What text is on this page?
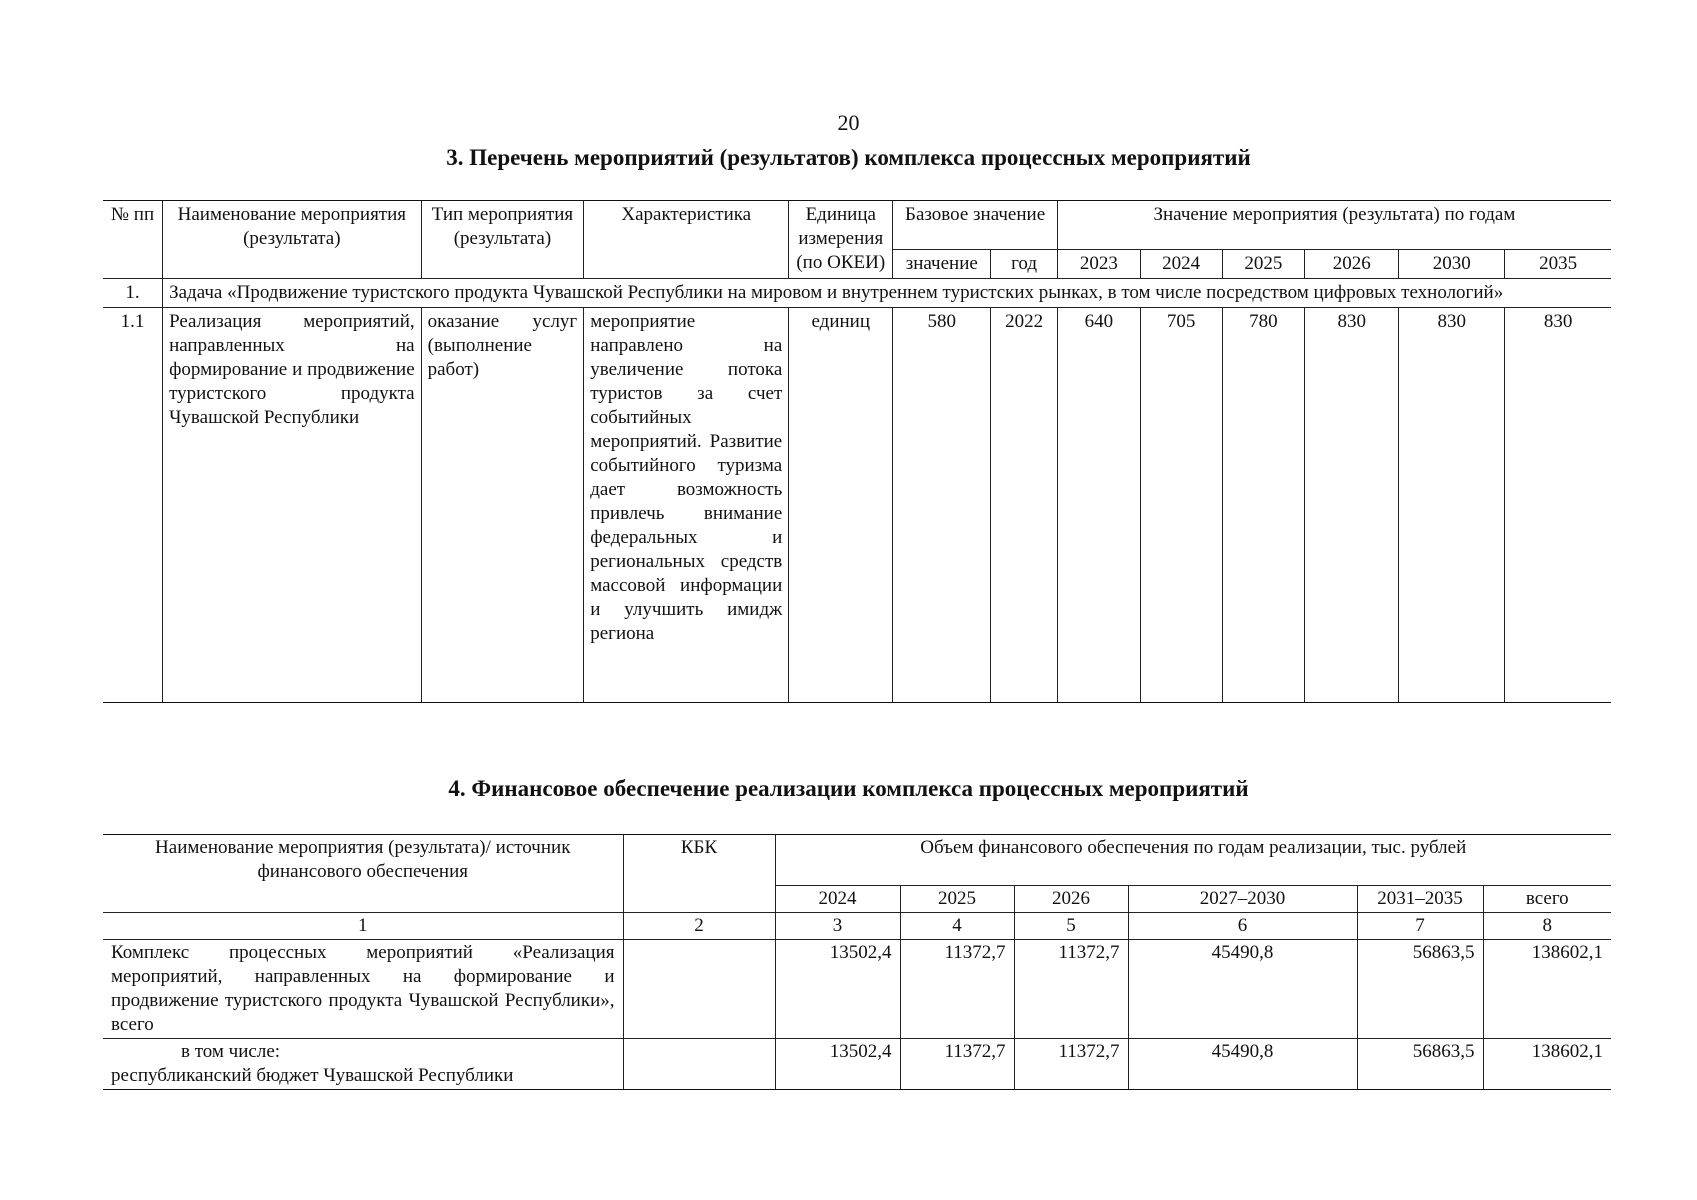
20
3. Перечень мероприятий (результатов) комплекса процессных мероприятий
№ пп	Наименование мероприятия (результата)	Тип мероприятия (результата)	Характеристика	Единица измерения (по ОКЕИ)	Базовое значение		Значение мероприятия (результата) по годам					
					значение	год	2023	2024	2025	2026	2030	2035
1.	Задача «Продвижение туристского продукта Чувашской Республики на мировом и внутреннем туристских рынках, в том числе посредством цифровых технологий»											
1.1	Реализация мероприятий, направленных на формирование и продвижение туристского продукта Чувашской Республики	оказание услуг (выполнение работ)	мероприятие направлено на увеличение потока туристов за счет событийных мероприятий. Развитие событийного туризма дает возможность привлечь внимание федеральных и региональных средств массовой информации и улучшить имидж региона	единиц	580	2022	640	705	780	830	830	830
4. Финансовое обеспечение реализации комплекса процессных мероприятий
Наименование мероприятия (результата)/ источник финансового обеспечения	КБК	Объем финансового обеспечения по годам реализации, тыс. рублей					
		2024	2025	2026	2027–2030	2031–2035	всего
1	2	3	4	5	6	7	8
Комплекс процессных мероприятий «Реализация мероприятий, направленных на формирование и продвижение туристского продукта Чувашской Республики», всего		13502,4	11372,7	11372,7	45490,8	56863,5	138602,1

в том числе:
республиканский бюджет Чувашской Республики		13502,4	11372,7	11372,7	45490,8	56863,5	138602,1
